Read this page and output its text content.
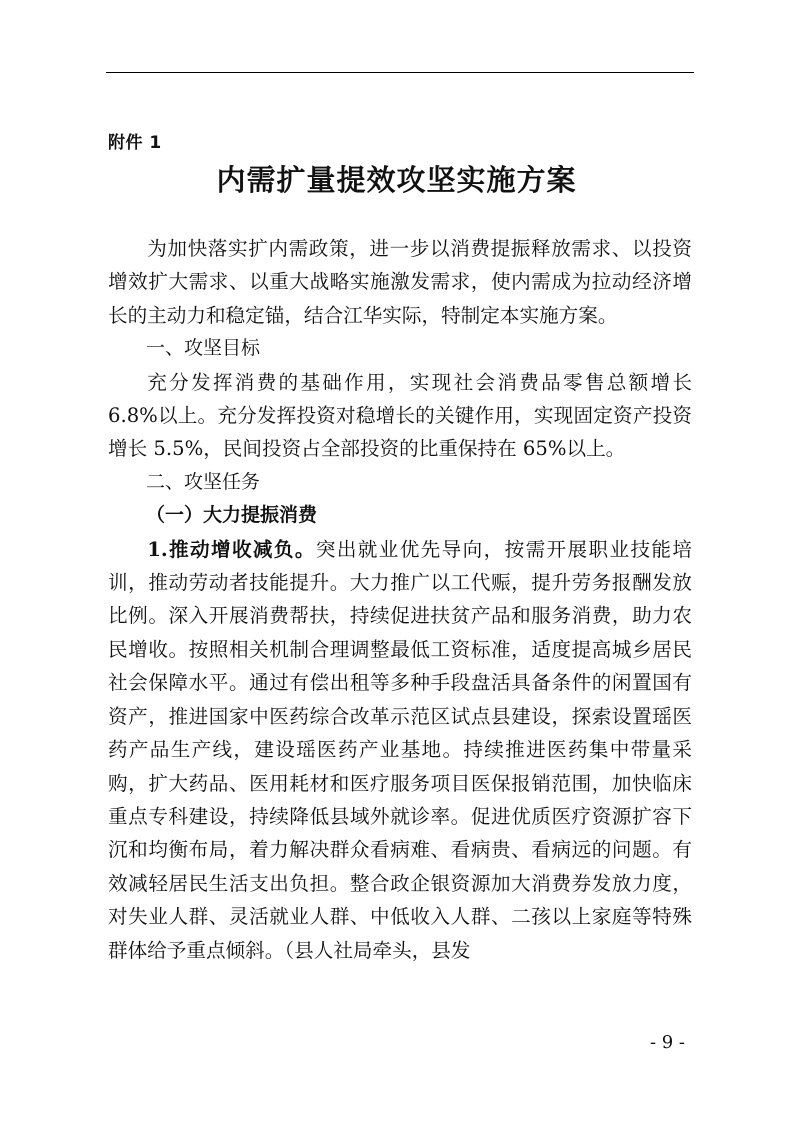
附件 1
内需扩量提效攻坚实施方案

为加快落实扩内需政策，进一步以消费提振释放需求、以投资增效扩大需求、以重大战略实施激发需求，使内需成为拉动经济增长的主动力和稳定锚，结合江华实际，特制定本实施方案。

一、攻坚目标

充分发挥消费的基础作用，实现社会消费品零售总额增长 6.8%以上。充分发挥投资对稳增长的关键作用，实现固定资产投资增长 5.5%，民间投资占全部投资的比重保持在 65%以上。

二、攻坚任务

（一）大力提振消费

1.推动增收减负。突出就业优先导向，按需开展职业技能培训，推动劳动者技能提升。大力推广以工代赈，提升劳务报酬发放比例。深入开展消费帮扶，持续促进扶贫产品和服务消费，助力农民增收。按照相关机制合理调整最低工资标准，适度提高城乡居民社会保障水平。通过有偿出租等多种手段盘活具备条件的闲置国有资产，推进国家中医药综合改革示范区试点县建设，探索设置瑶医药产品生产线，建设瑶医药产业基地。持续推进医药集中带量采购，扩大药品、医用耗材和医疗服务项目医保报销范围，加快临床重点专科建设，持续降低县域外就诊率。促进优质医疗资源扩容下沉和均衡布局，着力解决群众看病难、看病贵、看病远的问题。有效减轻居民生活支出负担。整合政企银资源加大消费券发放力度，对失业人群、灵活就业人群、中低收入人群、二孩以上家庭等特殊群体给予重点倾斜。（县人社局牵头，县发

- 9 -
